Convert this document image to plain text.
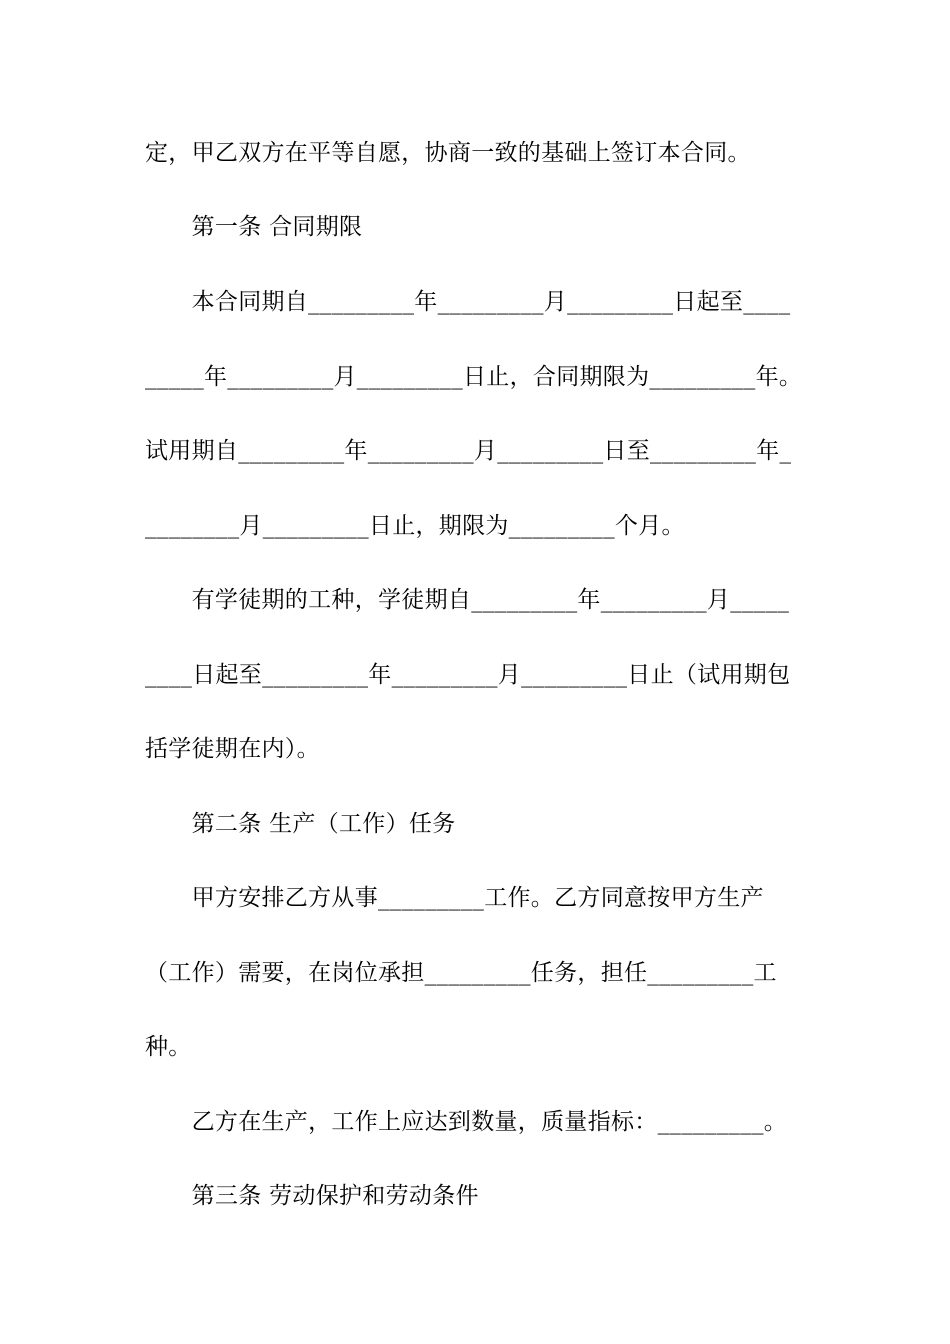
定，甲乙双方在平等自愿，协商一致的基础上签订本合同。
　　第一条 合同期限
　　本合同期自_________年_________月_________日起至____
_____年_________月_________日止，合同期限为_________年。
试用期自_________年_________月_________日至_________年_
________月_________日止，期限为_________个月。
　　有学徒期的工种，学徒期自_________年_________月_____
____日起至_________年_________月_________日止（试用期包
括学徒期在内）。
　　第二条 生产（工作）任务
　　甲方安排乙方从事_________工作。乙方同意按甲方生产
（工作）需要，在岗位承担_________任务，担任_________工
种。
　　乙方在生产，工作上应达到数量，质量指标：_________。
　　第三条 劳动保护和劳动条件
